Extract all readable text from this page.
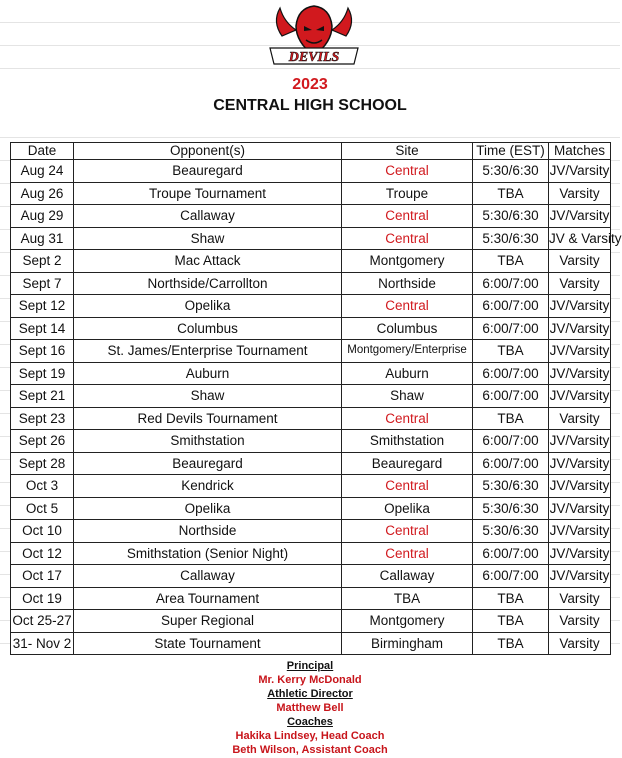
DEVILS
2023
CENTRAL HIGH SCHOOL
Date	Opponent(s)	Site	Time (EST)	Matches
Aug 24	Beauregard	Central	5:30/6:30	JV/Varsity
Aug 26	Troupe Tournament	Troupe	TBA	Varsity
Aug 29	Callaway	Central	5:30/6:30	JV/Varsity
Aug 31	Shaw	Central	5:30/6:30	JV & Varsity
Sept 2	Mac Attack	Montgomery	TBA	Varsity
Sept 7	Northside/Carrollton	Northside	6:00/7:00	Varsity
Sept 12	Opelika	Central	6:00/7:00	JV/Varsity
Sept 14	Columbus	Columbus	6:00/7:00	JV/Varsity
Sept 16	St. James/Enterprise Tournament	Montgomery/Enterprise	TBA	JV/Varsity
Sept 19	Auburn	Auburn	6:00/7:00	JV/Varsity
Sept 21	Shaw	Shaw	6:00/7:00	JV/Varsity
Sept 23	Red Devils Tournament	Central	TBA	Varsity
Sept 26	Smithstation	Smithstation	6:00/7:00	JV/Varsity
Sept 28	Beauregard	Beauregard	6:00/7:00	JV/Varsity
Oct 3	Kendrick	Central	5:30/6:30	JV/Varsity
Oct 5	Opelika	Opelika	5:30/6:30	JV/Varsity
Oct 10	Northside	Central	5:30/6:30	JV/Varsity
Oct 12	Smithstation (Senior Night)	Central	6:00/7:00	JV/Varsity
Oct 17	Callaway	Callaway	6:00/7:00	JV/Varsity
Oct 19	Area Tournament	TBA	TBA	Varsity
Oct 25-27	Super Regional	Montgomery	TBA	Varsity
31- Nov 2	State Tournament	Birmingham	TBA	Varsity
Principal
Mr. Kerry McDonald
Athletic Director
Matthew Bell
Coaches
Hakika Lindsey, Head Coach
Beth Wilson, Assistant Coach
